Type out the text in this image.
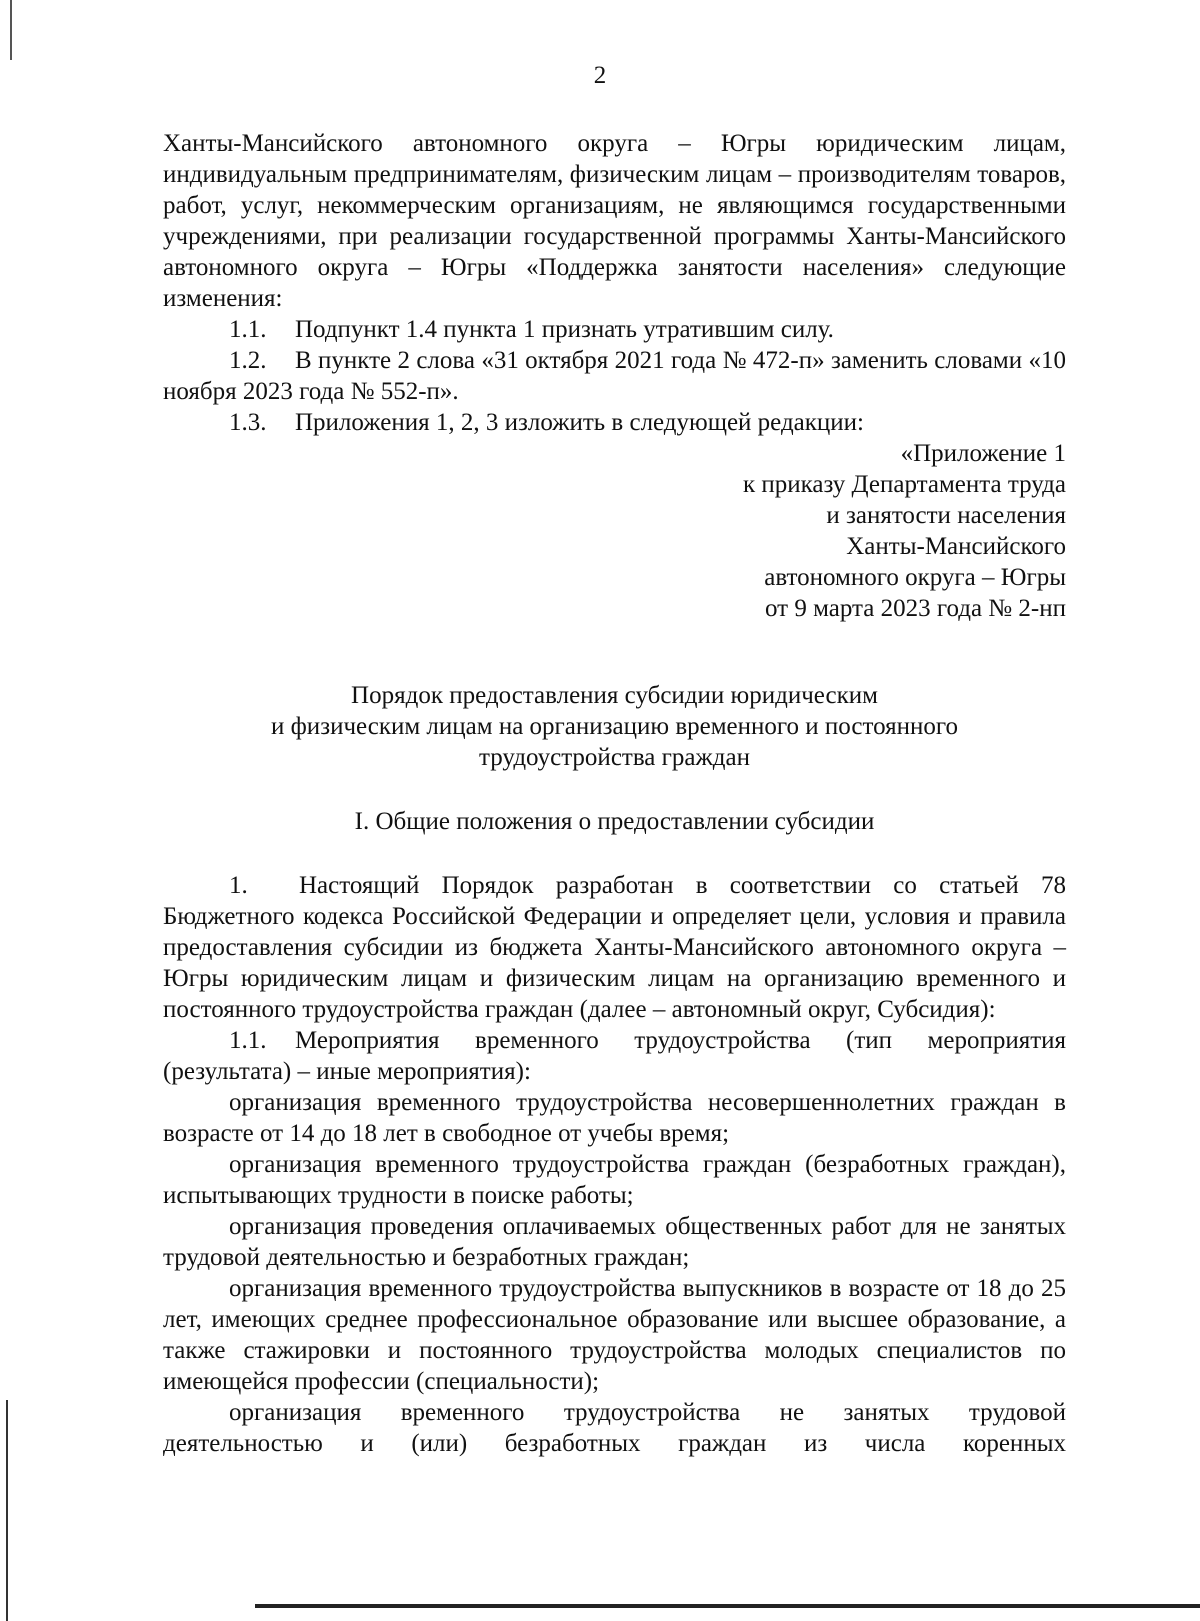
2

Ханты-Мансийского автономного округа – Югры юридическим лицам, индивидуальным предпринимателям, физическим лицам – производителям товаров, работ, услуг, некоммерческим организациям, не являющимся государственными учреждениями, при реализации государственной программы Ханты-Мансийского автономного округа – Югры «Поддержка занятости населения» следующие изменения:

1.1. Подпункт 1.4 пункта 1 признать утратившим силу.

1.2. В пункте 2 слова «31 октября 2021 года № 472-п» заменить словами «10 ноября 2023 года № 552-п».

1.3. Приложения 1, 2, 3 изложить в следующей редакции:

«Приложение 1
к приказу Департамента труда
и занятости населения
Ханты-Мансийского
автономного округа – Югры
от 9 марта 2023 года № 2-нп
Порядок предоставления субсидии юридическим
и физическим лицам на организацию временного и постоянного
трудоустройства граждан
I. Общие положения о предоставлении субсидии

1. Настоящий Порядок разработан в соответствии со статьей 78 Бюджетного кодекса Российской Федерации и определяет цели, условия и правила предоставления субсидии из бюджета Ханты-Мансийского автономного округа – Югры юридическим лицам и физическим лицам на организацию временного и постоянного трудоустройства граждан (далее – автономный округ, Субсидия):

1.1. Мероприятия временного трудоустройства (тип мероприятия (результата) – иные мероприятия):

организация временного трудоустройства несовершеннолетних граждан в возрасте от 14 до 18 лет в свободное от учебы время;

организация временного трудоустройства граждан (безработных граждан), испытывающих трудности в поиске работы;

организация проведения оплачиваемых общественных работ для не занятых трудовой деятельностью и безработных граждан;

организация временного трудоустройства выпускников в возрасте от 18 до 25 лет, имеющих среднее профессиональное образование или высшее образование, а также стажировки и постоянного трудоустройства молодых специалистов по имеющейся профессии (специальности);

организация временного трудоустройства не занятых трудовой деятельностью и (или) безработных граждан из числа коренных
